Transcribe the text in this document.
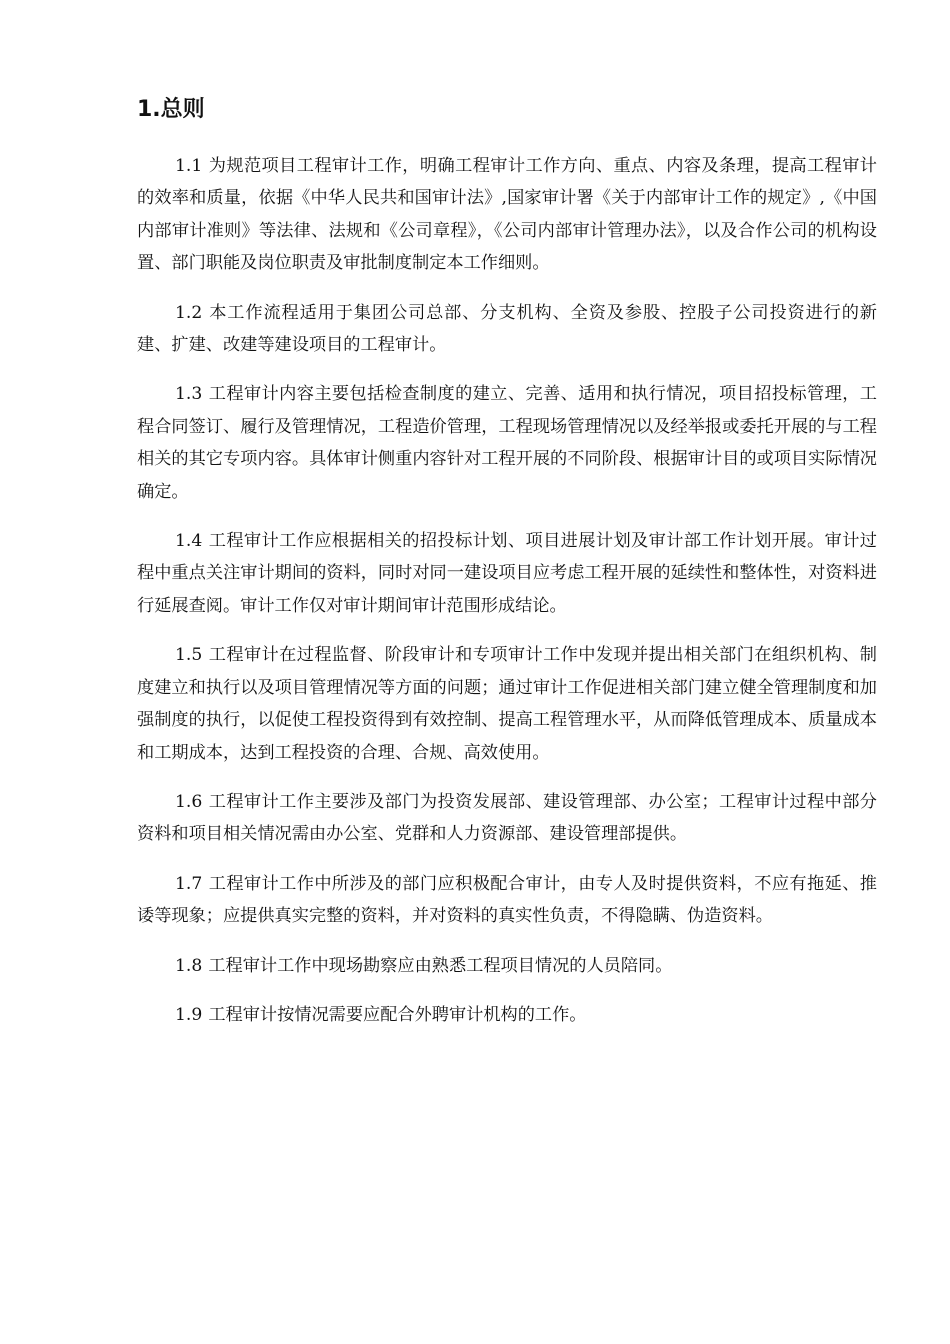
1.总则

1.1 为规范项目工程审计工作，明确工程审计工作方向、重点、内容及条理，提高工程审计的效率和质量，依据《中华人民共和国审计法》,国家审计署《关于内部审计工作的规定》,《中国内部审计准则》等法律、法规和《公司章程》，《公司内部审计管理办法》，以及合作公司的机构设置、部门职能及岗位职责及审批制度制定本工作细则。

1.2 本工作流程适用于集团公司总部、分支机构、全资及参股、控股子公司投资进行的新建、扩建、改建等建设项目的工程审计。

1.3 工程审计内容主要包括检查制度的建立、完善、适用和执行情况，项目招投标管理，工程合同签订、履行及管理情况，工程造价管理，工程现场管理情况以及经举报或委托开展的与工程相关的其它专项内容。具体审计侧重内容针对工程开展的不同阶段、根据审计目的或项目实际情况确定。

1.4 工程审计工作应根据相关的招投标计划、项目进展计划及审计部工作计划开展。审计过程中重点关注审计期间的资料，同时对同一建设项目应考虑工程开展的延续性和整体性，对资料进行延展查阅。审计工作仅对审计期间审计范围形成结论。

1.5 工程审计在过程监督、阶段审计和专项审计工作中发现并提出相关部门在组织机构、制度建立和执行以及项目管理情况等方面的问题；通过审计工作促进相关部门建立健全管理制度和加强制度的执行，以促使工程投资得到有效控制、提高工程管理水平，从而降低管理成本、质量成本和工期成本，达到工程投资的合理、合规、高效使用。

1.6 工程审计工作主要涉及部门为投资发展部、建设管理部、办公室；工程审计过程中部分资料和项目相关情况需由办公室、党群和人力资源部、建设管理部提供。

1.7 工程审计工作中所涉及的部门应积极配合审计，由专人及时提供资料，不应有拖延、推诿等现象；应提供真实完整的资料，并对资料的真实性负责，不得隐瞒、伪造资料。

1.8 工程审计工作中现场勘察应由熟悉工程项目情况的人员陪同。

1.9 工程审计按情况需要应配合外聘审计机构的工作。
